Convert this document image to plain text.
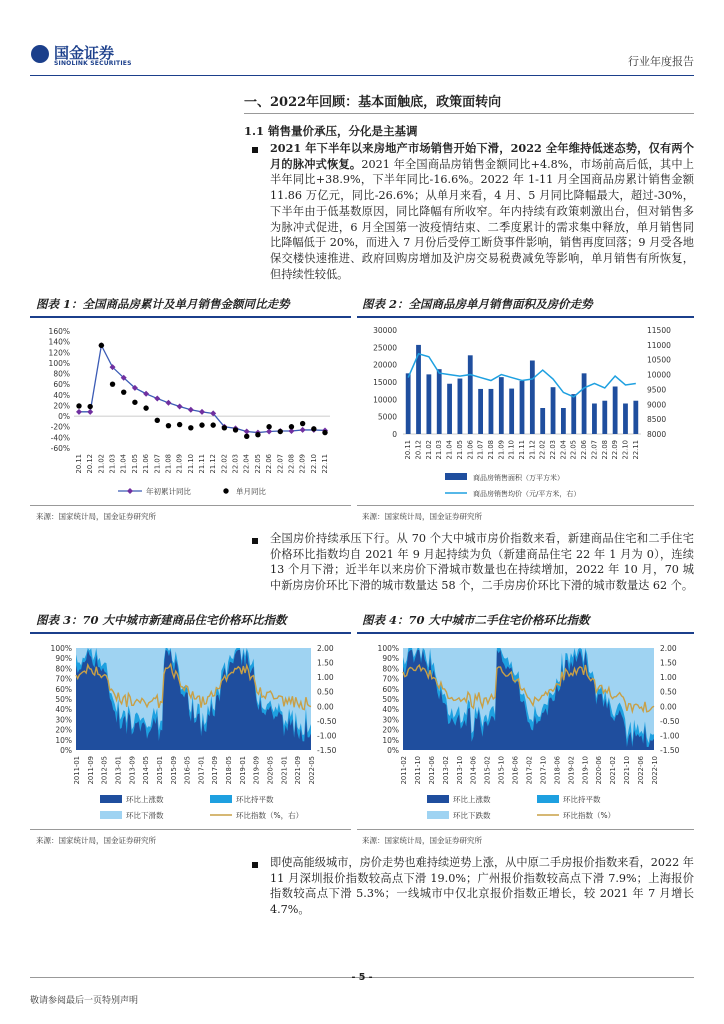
国金证券
SINOLINK SECURITIES	行业年度报告
一、2022年回顾：基本面触底，政策面转向
1.1 销售量价承压，分化是主基调
2021 年下半年以来房地产市场销售开始下滑，2022 全年维持低迷态势，仅有两个月的脉冲式恢复。2021 年全国商品房销售金额同比+4.8%，市场前高后低，其中上半年同比+38.9%，下半年同比-16.6%。2022 年 1-11 月全国商品房累计销售金额 11.86 万亿元，同比-26.6%；从单月来看，4 月、5 月同比降幅最大，超过-30%，下半年由于低基数原因，同比降幅有所收窄。年内持续有政策刺激出台，但对销售多为脉冲式促进，6 月全国第一波疫情结束、二季度累计的需求集中释放，单月销售同比降幅低于 20%，而进入 7 月份后受停工断贷事件影响，销售再度回落；9 月受各地保交楼快速推进、政府回购房增加及沪房交易税费减免等影响，单月销售有所恢复，但持续性较低。
图表 1：全国商品房累计及单月销售金额同比走势	图表 2：全国商品房单月销售面积及房价走势
160%
140%
120%
100%
80%
60%
40%
20%
0%
-20%
-40%
-60%
20.11 20.12 21.02 21.03 21.04 21.05 21.06 21.07 21.08 21.09 21.10 21.11 21.12 22.02 22.03 22.04 22.05 22.06 22.07 22.08 22.09 22.10 22.11
年初累计同比	单月同比
30000
25000
20000
15000
10000
5000
0
11500
11000
10500
10000
9500
9000
8500
8000
20.11 20.12 21.02 21.03 21.04 21.05 21.06 21.07 21.08 21.09 21.10 21.11 21.12 22.02 22.03 22.04 22.05 22.06 22.07 22.08 22.09 22.10 22.11
商品房销售面积（万平方米）
商品房销售均价（元/平方米，右）
来源：国家统计局，国金证券研究所	来源：国家统计局，国金证券研究所
全国房价持续承压下行。从 70 个大中城市房价指数来看，新建商品住宅和二手住宅价格环比指数均自 2021 年 9 月起持续为负（新建商品住宅 22 年 1 月为 0），连续 13 个月下滑；近半年以来房价下滑城市数量也在持续增加，2022 年 10 月，70 城中新房房价环比下滑的城市数量达 58 个，二手房房价环比下滑的城市数量达 62 个。
图表 3：70 大中城市新建商品住宅价格环比指数	图表 4：70 大中城市二手住宅价格环比指数
100%
90%
80%
70%
60%
50%
40%
30%
20%
10%
0%
2.00
1.50
1.00
0.50
0.00
-0.50
-1.00
-1.50
2011-01 2011-09 2012-05 2013-01 2013-09 2014-05 2015-01 2015-09 2016-05 2017-01 2017-09 2018-05 2019-01 2019-09 2020-05 2021-01 2021-09 2022-05
环比上涨数	环比持平数
环比下滑数	环比指数（%，右）
100%
90%
80%
70%
60%
50%
40%
30%
20%
10%
0%
2.00
1.50
1.00
0.50
0.00
-0.50
-1.00
-1.50
2011-02 2011-10 2012-06 2013-02 2013-10 2014-06 2015-02 2015-10 2016-06 2017-02 2017-10 2018-06 2019-02 2019-10 2020-06 2021-02 2021-10 2022-06 2022-10
环比上涨数	环比持平数
环比下跌数	环比指数（%）
来源：国家统计局，国金证券研究所	来源：国家统计局，国金证券研究所
即使高能级城市，房价走势也难持续逆势上涨，从中原二手房报价指数来看，2022 年 11 月深圳报价指数较高点下滑 19.0%；广州报价指数较高点下滑 7.9%；上海报价指数较高点下滑 5.3%；一线城市中仅北京报价指数正增长，较 2021 年 7 月增长 4.7%。
- 5 -
敬请参阅最后一页特别声明
